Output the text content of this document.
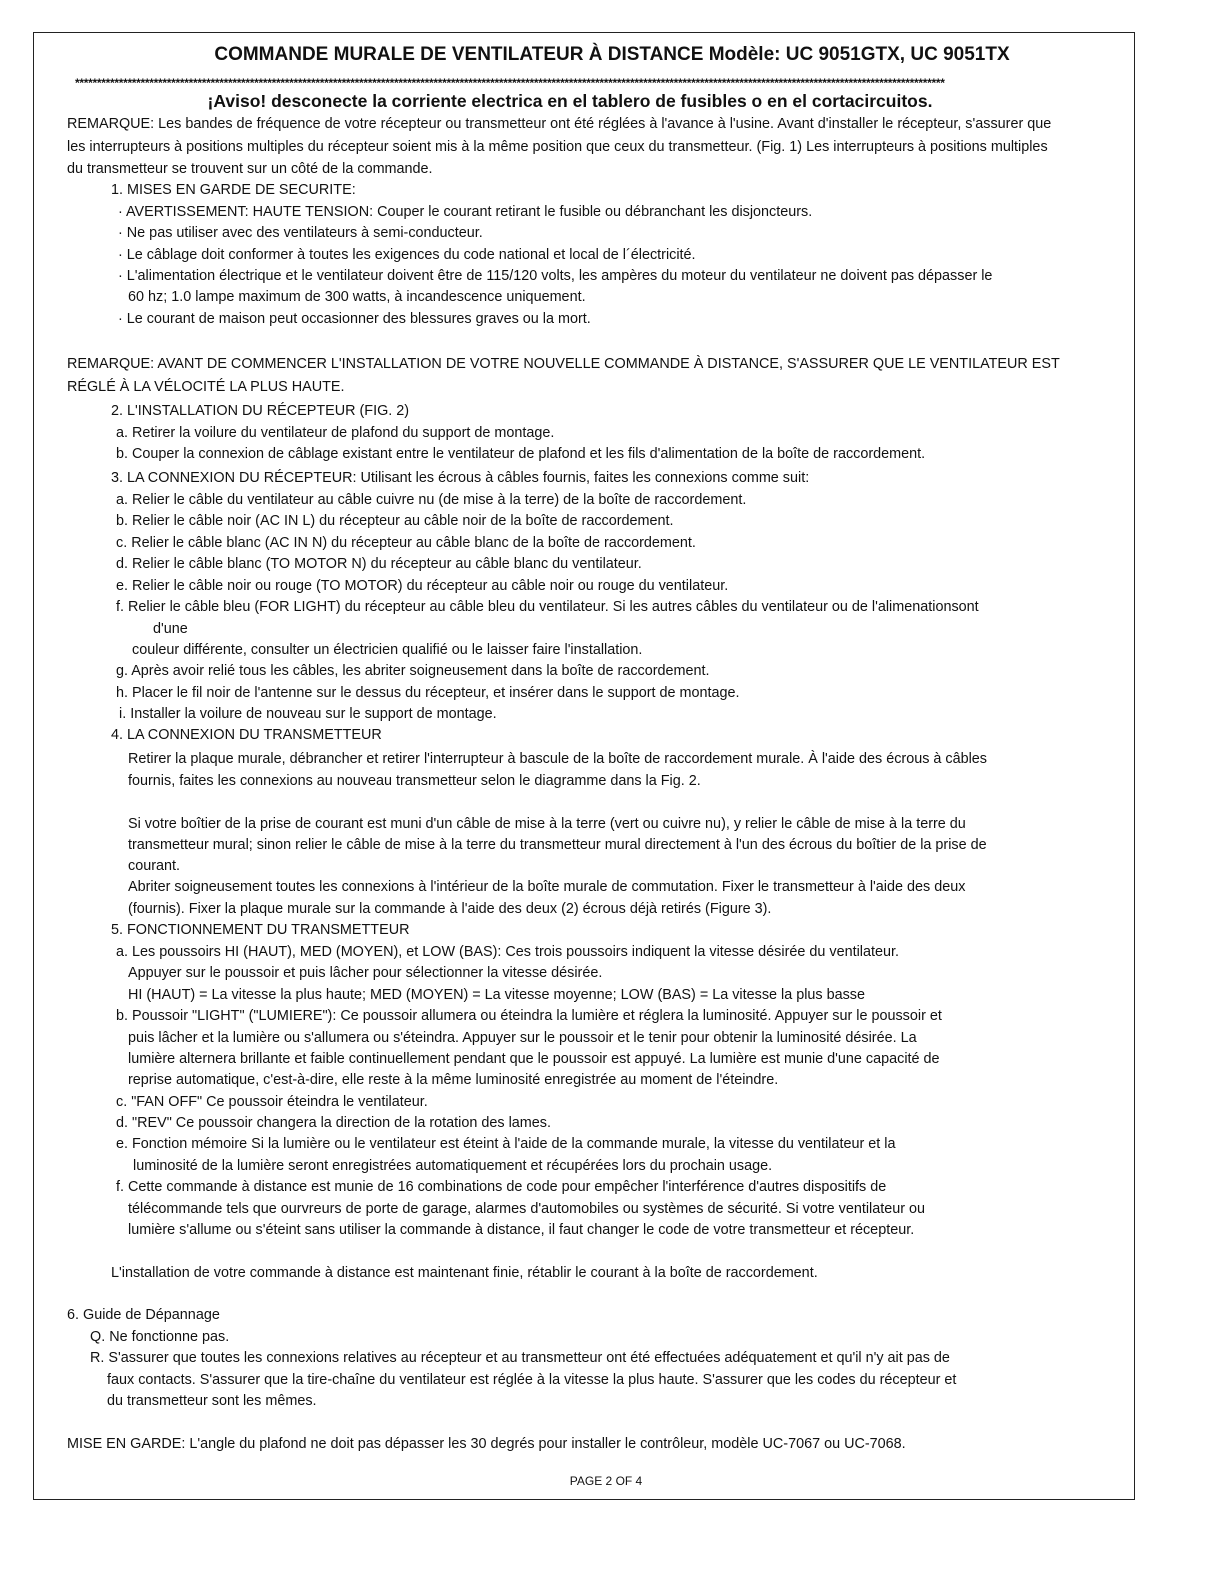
COMMANDE MURALE DE VENTILATEUR À DISTANCE Modèle: UC 9051GTX, UC 9051TX
*******************************************************************************************************************************************************************************************************
¡Aviso! desconecte la corriente electrica en el tablero de fusibles o en el cortacircuitos.
REMARQUE: Les bandes de fréquence de votre récepteur ou transmetteur ont été réglées à l'avance à l'usine. Avant d'installer le récepteur, s'assurer que
les interrupteurs à positions multiples du récepteur soient mis à la même position que ceux du transmetteur. (Fig. 1) Les interrupteurs à positions multiples
du transmetteur se trouvent sur un côté de la commande.
1. MISES EN GARDE DE SECURITE:
· AVERTISSEMENT: HAUTE TENSION: Couper le courant retirant le fusible ou débranchant les disjoncteurs.
· Ne pas utiliser avec des ventilateurs à semi-conducteur.
· Le câblage doit conformer à toutes les exigences du code national et local de l´électricité.
· L'alimentation électrique et le ventilateur doivent être de 115/120 volts, les ampères du moteur du ventilateur ne doivent pas dépasser le
60 hz; 1.0 lampe maximum de 300 watts, à incandescence uniquement.
· Le courant de maison peut occasionner des blessures graves ou la mort.
REMARQUE: AVANT DE COMMENCER L'INSTALLATION DE VOTRE NOUVELLE COMMANDE À DISTANCE, S'ASSURER QUE LE VENTILATEUR EST
RÉGLÉ À LA VÉLOCITÉ LA PLUS HAUTE.
2. L'INSTALLATION DU RÉCEPTEUR (FIG. 2)
a. Retirer la voilure du ventilateur de plafond du support de montage.
b. Couper la connexion de câblage existant entre le ventilateur de plafond et les fils d'alimentation de la boîte de raccordement.
3. LA CONNEXION DU RÉCEPTEUR: Utilisant les écrous à câbles fournis, faites les connexions comme suit:
a. Relier le câble du ventilateur au câble cuivre nu (de mise à la terre) de la boîte de raccordement.
b. Relier le câble noir (AC IN L) du récepteur au câble noir de la boîte de raccordement.
c. Relier le câble blanc (AC IN N) du récepteur au câble blanc de la boîte de raccordement.
d. Relier le câble blanc (TO MOTOR N) du récepteur au câble blanc du ventilateur.
e. Relier le câble noir ou rouge (TO MOTOR) du récepteur au câble noir ou rouge du ventilateur.
f. Relier le câble bleu (FOR LIGHT) du récepteur au câble bleu du ventilateur. Si les autres câbles du ventilateur ou de l'alimenationsont
d'une
couleur différente, consulter un électricien qualifié ou le laisser faire l'installation.
g. Après avoir relié tous les câbles, les abriter soigneusement dans la boîte de raccordement.
h. Placer le fil noir de l'antenne sur le dessus du récepteur, et insérer dans le support de montage.
i. Installer la voilure de nouveau sur le support de montage.
4. LA CONNEXION DU TRANSMETTEUR
Retirer la plaque murale, débrancher et retirer l'interrupteur à bascule de la boîte de raccordement murale. À l'aide des écrous à câbles
fournis, faites les connexions au nouveau transmetteur selon le diagramme dans la Fig. 2.
Si votre boîtier de la prise de courant est muni d'un câble de mise à la terre (vert ou cuivre nu), y relier le câble de mise à la terre du
transmetteur mural; sinon relier le câble de mise à la terre du transmetteur mural directement à l'un des écrous du boîtier de la prise de
courant.
Abriter soigneusement toutes les connexions à l'intérieur de la boîte murale de commutation. Fixer le transmetteur à l'aide des deux
(fournis). Fixer la plaque murale sur la commande à l'aide des deux (2) écrous déjà retirés (Figure 3).
5. FONCTIONNEMENT DU TRANSMETTEUR
a. Les poussoirs HI (HAUT), MED (MOYEN), et LOW (BAS): Ces trois poussoirs indiquent la vitesse désirée du ventilateur.
Appuyer sur le poussoir et puis lâcher pour sélectionner la vitesse désirée.
HI (HAUT) = La vitesse la plus haute; MED (MOYEN) = La vitesse moyenne; LOW (BAS) = La vitesse la plus basse
b. Poussoir "LIGHT" ("LUMIERE"): Ce poussoir allumera ou éteindra la lumière et réglera la luminosité. Appuyer sur le poussoir et
puis lâcher et la lumière ou s'allumera ou s'éteindra. Appuyer sur le poussoir et le tenir pour obtenir la luminosité désirée. La
lumière alternera brillante et faible continuellement pendant que le poussoir est appuyé. La lumière est munie d'une capacité de
reprise automatique, c'est-à-dire, elle reste à la même luminosité enregistrée au moment de l'éteindre.
c. "FAN OFF" Ce poussoir éteindra le ventilateur.
d. "REV" Ce poussoir changera la direction de la rotation des lames.
e. Fonction mémoire Si la lumière ou le ventilateur est éteint à l'aide de la commande murale, la vitesse du ventilateur et la
luminosité de la lumière seront enregistrées automatiquement et récupérées lors du prochain usage.
f. Cette commande à distance est munie de 16 combinations de code pour empêcher l'interférence d'autres dispositifs de
télécommande tels que ourvreurs de porte de garage, alarmes d'automobiles ou systèmes de sécurité. Si votre ventilateur ou
lumière s'allume ou s'éteint sans utiliser la commande à distance, il faut changer le code de votre transmetteur et récepteur.
L'installation de votre commande à distance est maintenant finie, rétablir le courant à la boîte de raccordement.
6. Guide de Dépannage
Q. Ne fonctionne pas.
R. S'assurer que toutes les connexions relatives au récepteur et au transmetteur ont été effectuées adéquatement et qu'il n'y ait pas de
faux contacts. S'assurer que la tire-chaîne du ventilateur est réglée à la vitesse la plus haute. S'assurer que les codes du récepteur et
du transmetteur sont les mêmes.
MISE EN GARDE: L'angle du plafond ne doit pas dépasser les 30 degrés pour installer le contrôleur, modèle UC-7067 ou UC-7068.
PAGE 2 OF 4
